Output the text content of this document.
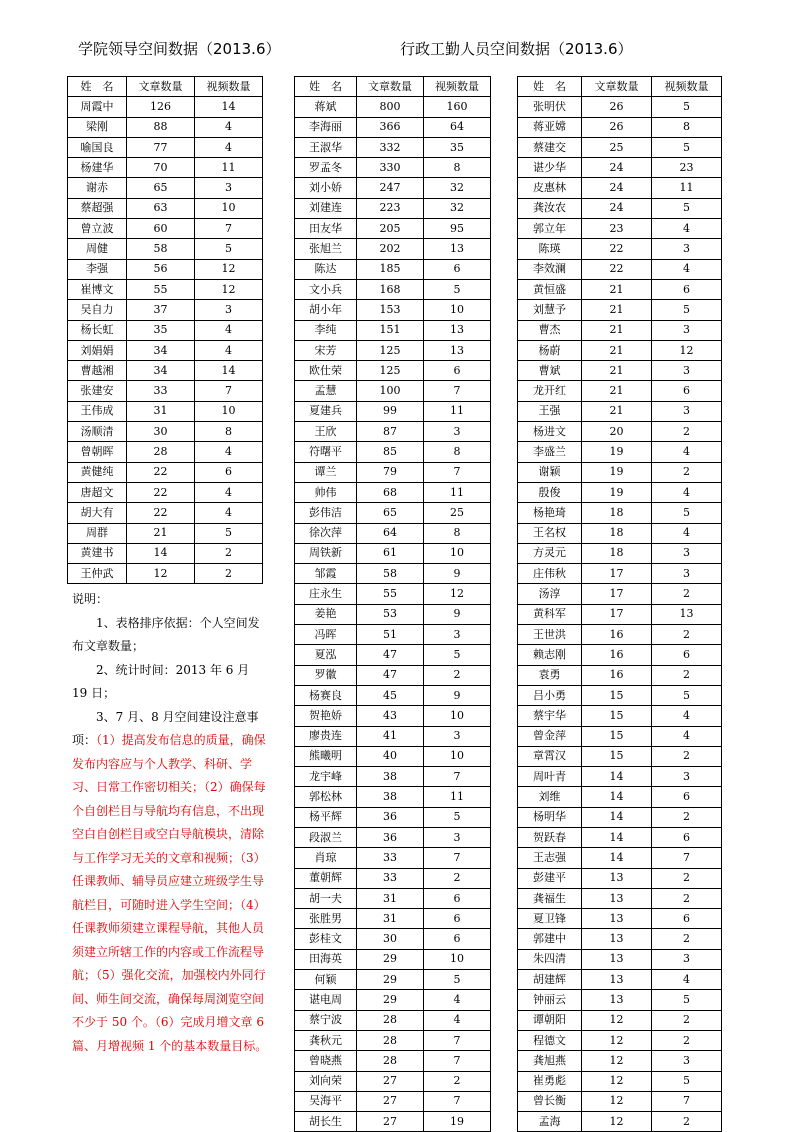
学院领导空间数据（2013.6）	行政工勤人员空间数据（2013.6）
姓　名	文章数量	视频数量
周霞中	126	14
梁刚	88	4
喻国良	77	4
杨建华	70	11
谢赤	65	3
蔡超强	63	10
曾立波	60	7
周健	58	5
李强	56	12
崔博文	55	12
吴自力	37	3
杨长虹	35	4
刘娟娟	34	4
曹越湘	34	14
张建安	33	7
王伟成	31	10
汤顺清	30	8
曾朝晖	28	4
黄健纯	22	6
唐超文	22	4
胡大有	22	4
周群	21	5
黄建书	14	2
王仲武	12	2
姓　名	文章数量	视频数量
蒋斌	800	160
李海丽	366	64
王淑华	332	35
罗孟冬	330	8
刘小娇	247	32
刘建连	223	32
田友华	205	95
张旭兰	202	13
陈达	185	6
文小兵	168	5
胡小年	153	10
李纯	151	13
宋芳	125	13
欧仕荣	125	6
孟慧	100	7
夏建兵	99	11
王欣	87	3
符曙平	85	8
谭兰	79	7
帅伟	68	11
彭伟洁	65	25
徐次萍	64	8
周铁新	61	10
邹霞	58	9
庄永生	55	12
姜艳	53	9
冯晖	51	3
夏泓	47	5
罗徽	47	2
杨赛良	45	9
贺艳娇	43	10
廖贵连	41	3
熊曦明	40	10
龙宇峰	38	7
郭松林	38	11
杨平辉	36	5
段淑兰	36	3
肖琼	33	7
董朝辉	33	2
胡一夫	31	6
张胜男	31	6
彭桂文	30	6
田海英	29	10
何颖	29	5
谌电周	29	4
蔡宁波	28	4
龚秋元	28	7
曾晓燕	28	7
刘向荣	27	2
吴海平	27	7
胡长生	27	19
姓　名	文章数量	视频数量
张明伏	26	5
蒋亚嫦	26	8
蔡建交	25	5
谌少华	24	23
皮惠林	24	11
龚汝农	24	5
郭立年	23	4
陈瑛	22	3
李效澜	22	4
黄恒盛	21	6
刘慧予	21	5
曹杰	21	3
杨蔚	21	12
曹斌	21	3
龙开红	21	6
王强	21	3
杨进文	20	2
李盛兰	19	4
谢颖	19	2
殷俊	19	4
杨艳琦	18	5
王名权	18	4
方灵元	18	3
庄伟秋	17	3
汤淳	17	2
黄科军	17	13
王世洪	16	2
赖志刚	16	6
袁勇	16	2
吕小勇	15	5
蔡宇华	15	4
曾金萍	15	4
章霄汉	15	2
周叶青	14	3
刘维	14	6
杨明华	14	2
贺跃春	14	6
王志强	14	7
彭建平	13	2
龚福生	13	2
夏卫锋	13	6
郭建中	13	2
朱四清	13	3
胡建辉	13	4
钟丽云	13	5
谭朝阳	12	2
程德文	12	2
龚旭燕	12	3
崔勇彪	12	5
曾长衡	12	7
孟海	12	2

说明：

1、表格排序依据：个人空间发布文章数量；

2、统计时间：2013 年 6 月 19 日；

3、7 月、8 月空间建设注意事项：（1）提高发布信息的质量，确保发布内容应与个人教学、科研、学习、日常工作密切相关；（2）确保每个自创栏目与导航均有信息，不出现空白自创栏目或空白导航模块，清除与工作学习无关的文章和视频；（3）任课教师、辅导员应建立班级学生导航栏目，可随时进入学生空间；（4）任课教师须建立课程导航，其他人员须建立所辖工作的内容或工作流程导航；（5）强化交流，加强校内外同行间、师生间交流，确保每周浏览空间不少于 50 个。（6）完成月增文章 6 篇、月增视频 1 个的基本数量目标。
